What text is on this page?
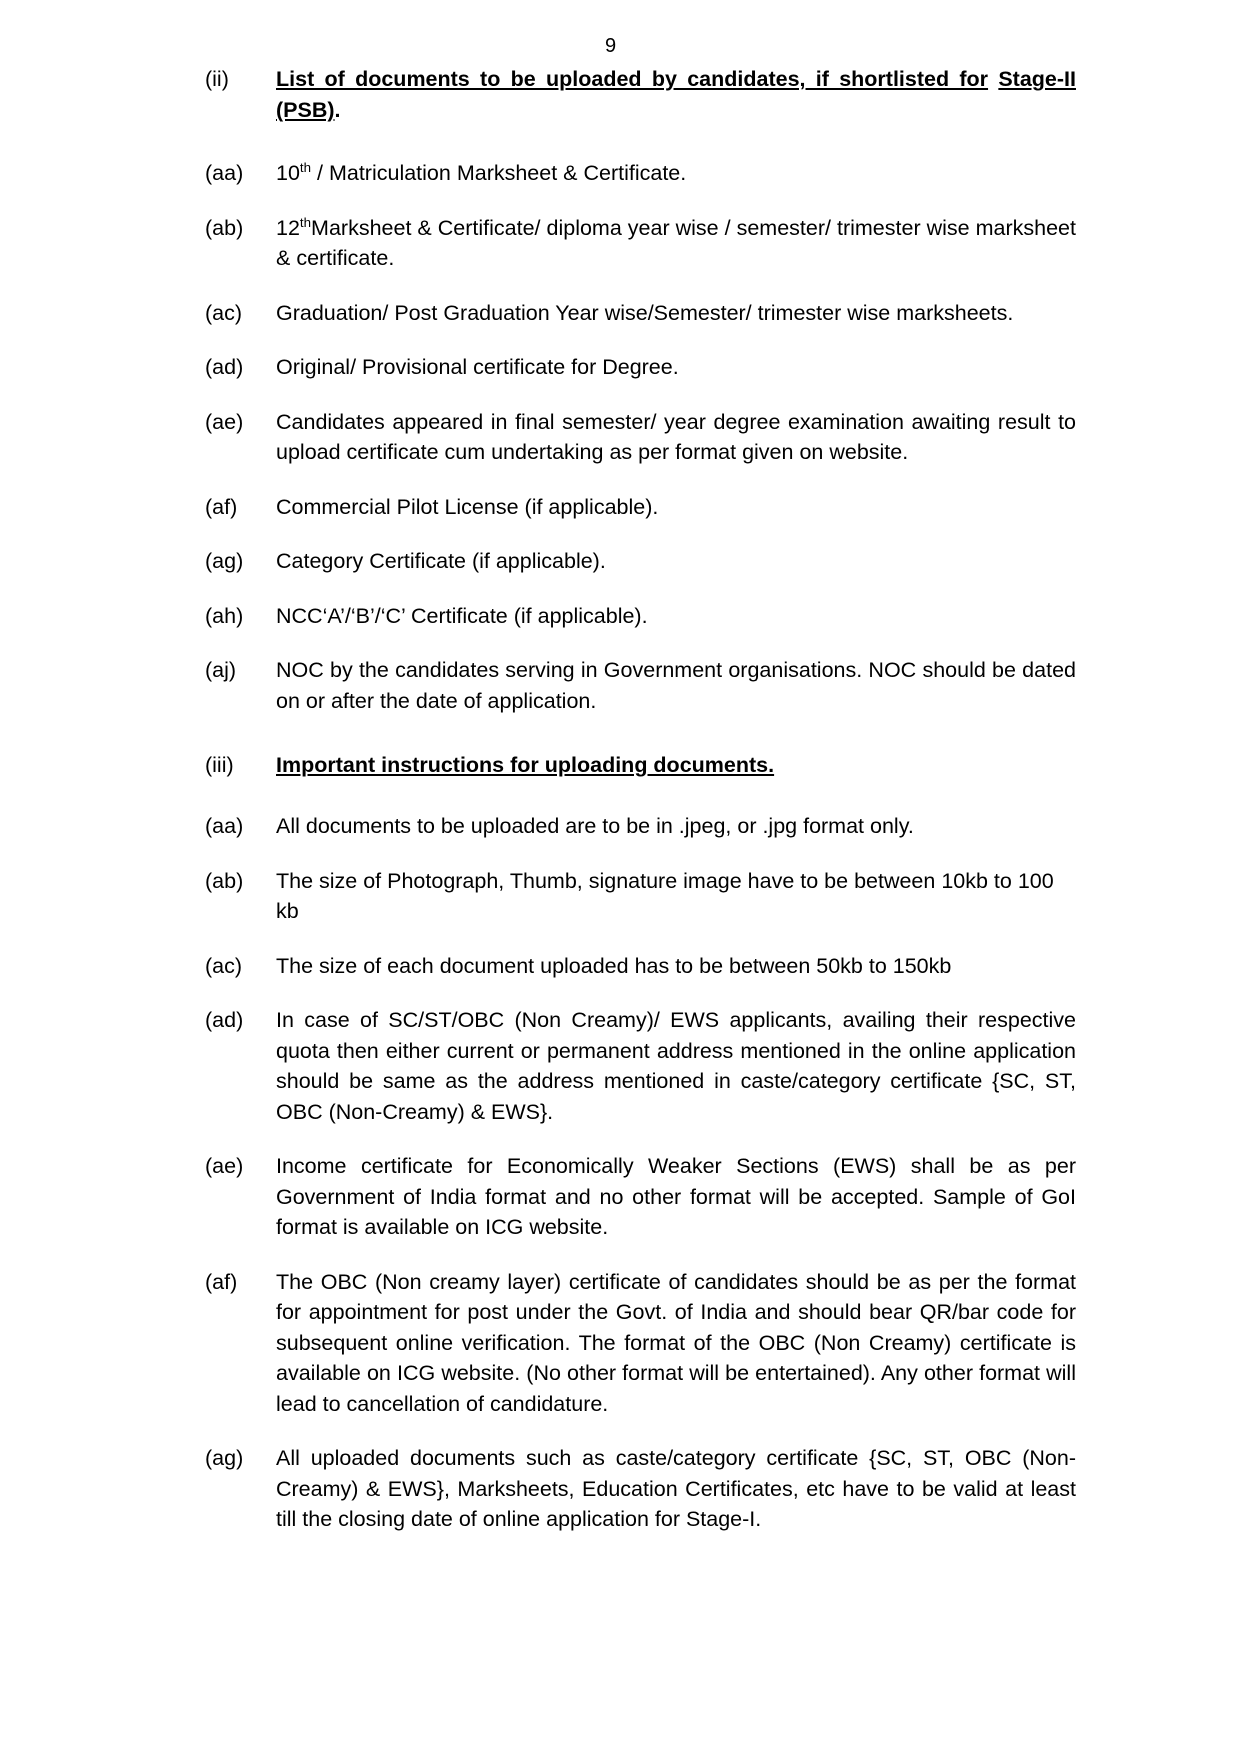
9
(ii) List of documents to be uploaded by candidates, if shortlisted for Stage-II (PSB).
(aa) 10th / Matriculation Marksheet & Certificate.
(ab) 12thMarksheet & Certificate/ diploma year wise / semester/ trimester wise marksheet & certificate.
(ac) Graduation/ Post Graduation Year wise/Semester/ trimester wise marksheets.
(ad) Original/ Provisional certificate for Degree.
(ae) Candidates appeared in final semester/ year degree examination awaiting result to upload certificate cum undertaking as per format given on website.
(af) Commercial Pilot License (if applicable).
(ag) Category Certificate (if applicable).
(ah) NCC‘A’/‘B’/‘C’ Certificate (if applicable).
(aj) NOC by the candidates serving in Government organisations. NOC should be dated on or after the date of application.
(iii) Important instructions for uploading documents.
(aa) All documents to be uploaded are to be in .jpeg, or .jpg format only.
(ab) The size of Photograph, Thumb, signature image have to be between 10kb to 100 kb
(ac) The size of each document uploaded has to be between 50kb to 150kb
(ad) In case of SC/ST/OBC (Non Creamy)/ EWS applicants, availing their respective quota then either current or permanent address mentioned in the online application should be same as the address mentioned in caste/category certificate {SC, ST, OBC (Non-Creamy) & EWS}.
(ae) Income certificate for Economically Weaker Sections (EWS) shall be as per Government of India format and no other format will be accepted. Sample of GoI format is available on ICG website.
(af) The OBC (Non creamy layer) certificate of candidates should be as per the format for appointment for post under the Govt. of India and should bear QR/bar code for subsequent online verification. The format of the OBC (Non Creamy) certificate is available on ICG website. (No other format will be entertained). Any other format will lead to cancellation of candidature.
(ag) All uploaded documents such as caste/category certificate {SC, ST, OBC (Non-Creamy) & EWS}, Marksheets, Education Certificates, etc have to be valid at least till the closing date of online application for Stage-I.
